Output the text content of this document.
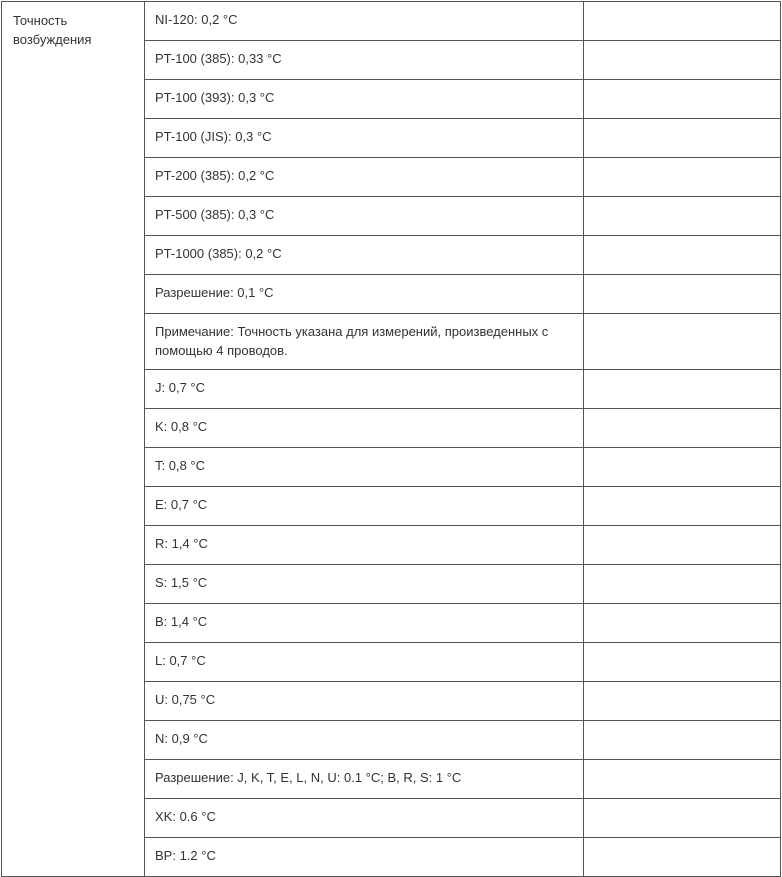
Точность возбуждения	NI-120: 0,2 °C	
	PT-100 (385): 0,33 °C	
	PT-100 (393): 0,3 °C	
	PT-100 (JIS): 0,3 °C	
	PT-200 (385): 0,2 °C	
	PT-500 (385): 0,3 °C	
	PT-1000 (385): 0,2 °C	
	Разрешение: 0,1 °C	
	Примечание: Точность указана для измерений, произведенных с помощью 4 проводов.	
	J: 0,7 °C	
	K: 0,8 °C	
	T: 0,8 °C	
	E: 0,7 °C	
	R: 1,4 °C	
	S: 1,5 °C	
	B: 1,4 °C	
	L: 0,7 °C	
	U: 0,75 °C	
	N: 0,9 °C	
	Разрешение: J, K, T, E, L, N, U: 0.1 °C; B, R, S: 1 °C	
	XK: 0.6 °C	
	BP: 1.2 °C	
